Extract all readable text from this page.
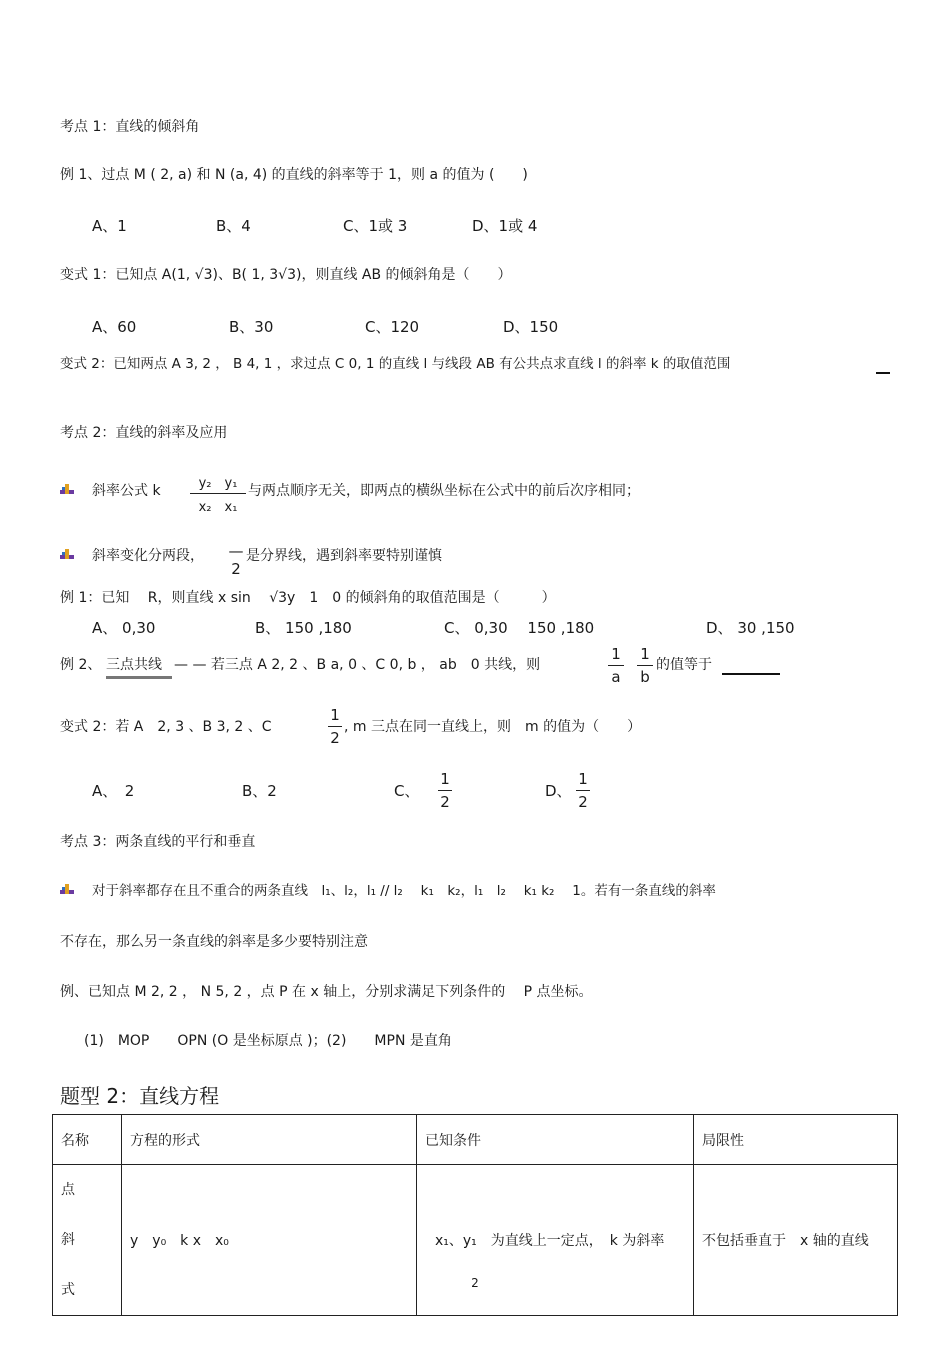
考点 1：直线的倾斜角
例 1、过点 M ( 2, a) 和 N (a, 4) 的直线的斜率等于 1，则 a 的值为 (　　)
A、1	B、4	C、1或 3	D、1或 4
变式 1：已知点 A(1, √3)、B( 1, 3√3)，则直线 AB 的倾斜角是（　　）
A、60	B、30	C、120	D、150
变式 2：已知两点 A 3, 2 ， B 4, 1 ，求过点 C 0, 1 的直线 l 与线段 AB 有公共点求直线 l 的斜率 k 的取值范围
考点 2：直线的斜率及应用
斜率公式 k	y₂　y₁
x₂　x₁
与两点顺序无关，即两点的横纵坐标在公式中的前后次序相同；
斜率变化分两段， —
2
是分界线，遇到斜率要特别谨慎
例 1：已知 　R，则直线 x sin　 √3y　1　0 的倾斜角的取值范围是（　　　）
A、 0,30	B、 150 ,180	C、 0,30　 150 ,180	D、 30 ,150
例 2、 三点共线 — — 若三点 A 2, 2 、B a, 0 、C 0, b ， ab　0 共线，则
1
a
1
b
的值等于
变式 2：若 A　2, 3 、B 3, 2 、C
1
2
, m 三点在同一直线上，则　m 的值为（　　）
A、　2	B、2	C、
1
2
D、
1
2
考点 3：两条直线的平行和垂直
对于斜率都存在且不重合的两条直线　l₁、l₂，l₁ // l₂　 k₁　k₂，l₁　l₂　 k₁ k₂　 1。若有一条直线的斜率
不存在，那么另一条直线的斜率是多少要特别注意
例、已知点 M 2, 2 ， N 5, 2 ，点 P 在 x 轴上，分别求满足下列条件的　 P 点坐标。
(1)　MOP　　OPN (O 是坐标原点 )；(2)　　MPN 是直角
题型 2：直线方程
名称	方程的形式	已知条件	局限性
点 斜 式	y　y₀　k x　x₀	x₁、y₁　为直线上一定点，　k 为斜率	不包括垂直于　x 轴的直线
2
